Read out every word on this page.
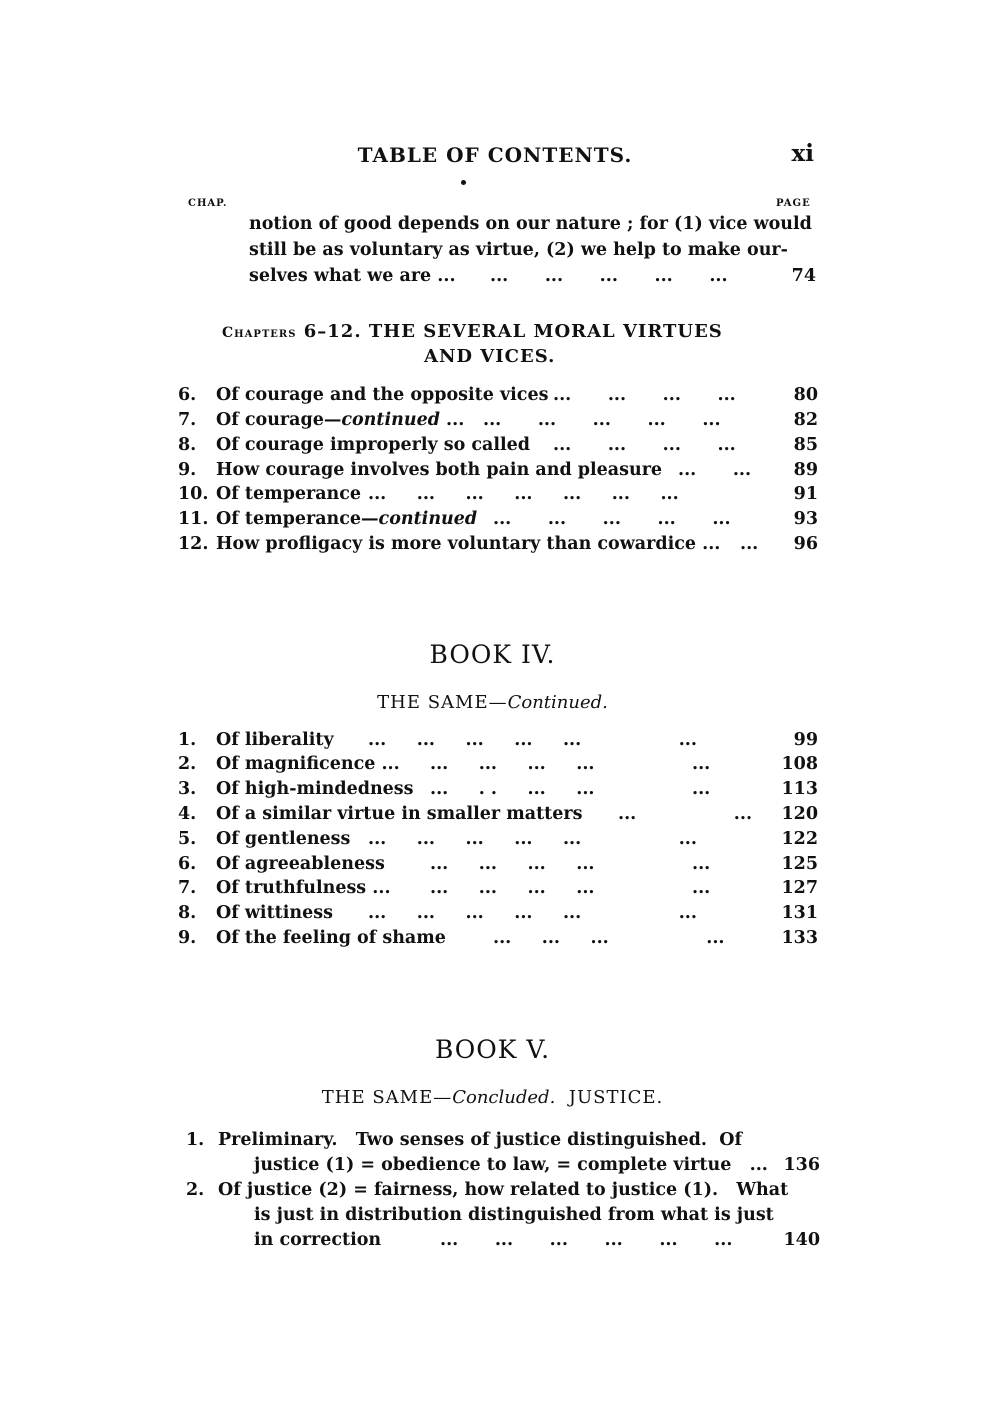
TABLE OF CONTENTS.	xi
CHAP.	PAGE
notion of good depends on our nature ; for (1) vice would
still be as voluntary as virtue, (2) we help to make our-
selves what we are ... ...      ...      ...      ...      ...	74
Chapters 6–12. THE SEVERAL MORAL VIRTUES
AND VICES.
6.	Of courage and the opposite vices ...      ...      ...      ...	80
7.	Of courage—continued ... ...      ...      ...      ...      ...	82
8.	Of courage improperly so called ...      ...      ...      ...	85
9.	How courage involves both pain and pleasure ...      ...	89
10. Of temperance ...     ...     ...     ...     ...     ...     ...	91
11. Of temperance—continued ...      ...      ...      ...      ...	93
12. How profligacy is more voluntary than cowardice ... ...	96
BOOK IV.
THE SAME—Continued.
1.	Of liberality ...     ...     ...     ...     ...                ...	99
2.	Of magnificence ... ...     ...     ...     ...                ...	108
3.	Of high-mindedness ...     . .     ...     ...                ...	113
4.	Of a similar virtue in smaller matters ...                ...	120
5.	Of gentleness ...     ...     ...     ...     ...                ...	122
6.	Of agreeableness	...     ...     ...     ...                ...	125
7.	Of truthfulness ... ...     ...     ...     ...                ...	127
8.	Of wittiness ...     ...     ...     ...     ...                ...	131
9.	Of the feeling of shame	...     ...     ...                ...	133
BOOK V.
THE SAME—Concluded. JUSTICE.
1. Preliminary.   Two senses of justice distinguished.  Of
justice (1) = obedience to law, = complete virtue   ... 136
2. Of justice (2) = fairness, how related to justice (1).   What
is just in distribution distinguished from what is just
in correction	...      ...      ...      ...      ...      ...	140
